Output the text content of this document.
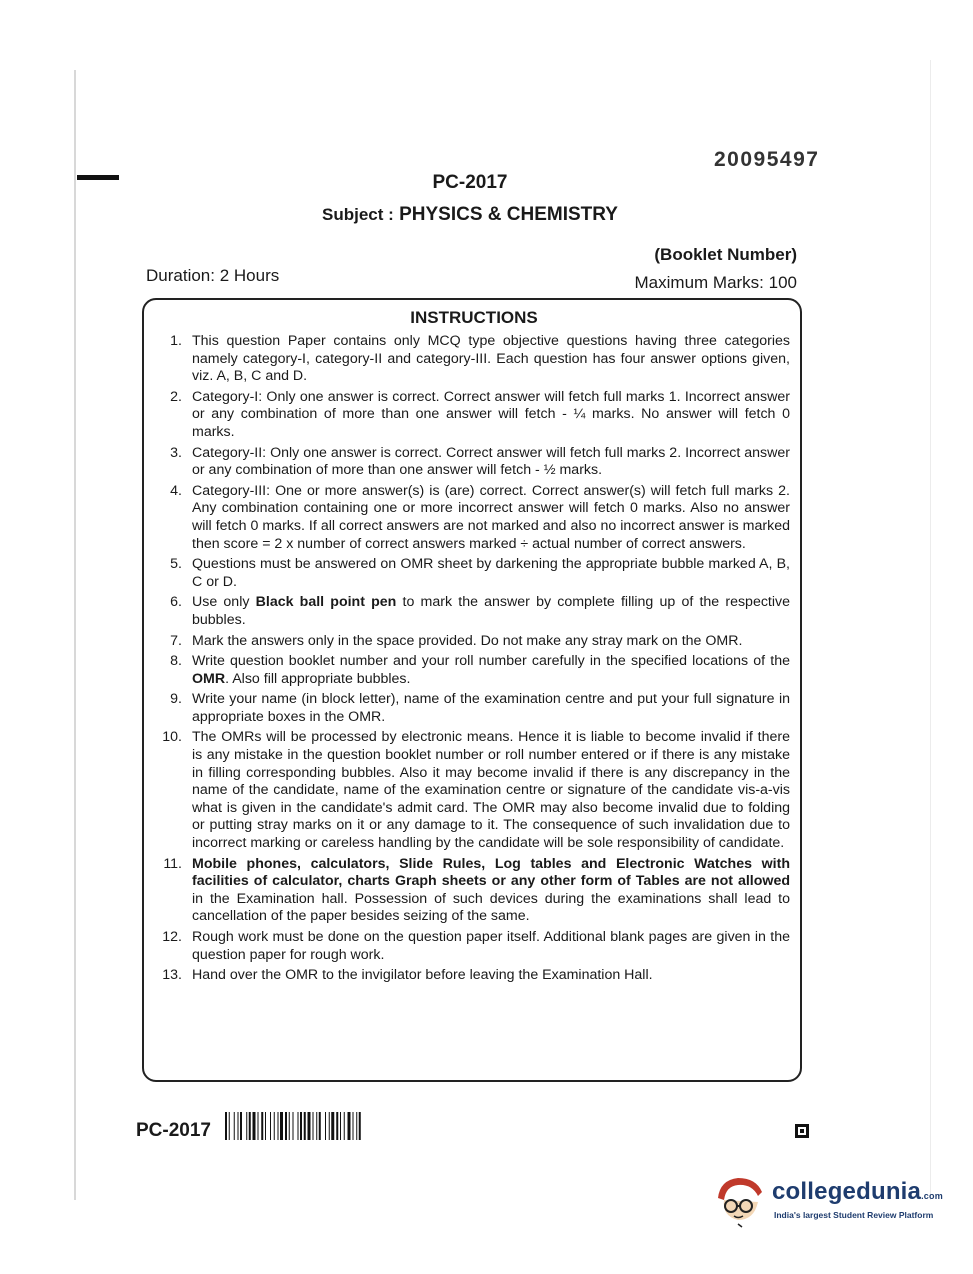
20095497
PC-2017
Subject : PHYSICS & CHEMISTRY
(Booklet Number)
Duration: 2 Hours	Maximum Marks: 100
INSTRUCTIONS
1. This question Paper contains only MCQ type objective questions having three categories namely category-I, category-II and category-III. Each question has four answer options given, viz. A, B, C and D.
2. Category-I: Only one answer is correct. Correct answer will fetch full marks 1. Incorrect answer or any combination of more than one answer will fetch - ¼ marks. No answer will fetch 0 marks.
3. Category-II: Only one answer is correct. Correct answer will fetch full marks 2. Incorrect answer or any combination of more than one answer will fetch - ½ marks.
4. Category-III: One or more answer(s) is (are) correct. Correct answer(s) will fetch full marks 2. Any combination containing one or more incorrect answer will fetch 0 marks. Also no answer will fetch 0 marks. If all correct answers are not marked and also no incorrect answer is marked then score = 2 x number of correct answers marked ÷ actual number of correct answers.
5. Questions must be answered on OMR sheet by darkening the appropriate bubble marked A, B, C or D.
6. Use only Black ball point pen to mark the answer by complete filling up of the respective bubbles.
7. Mark the answers only in the space provided. Do not make any stray mark on the OMR.
8. Write question booklet number and your roll number carefully in the specified locations of the OMR. Also fill appropriate bubbles.
9. Write your name (in block letter), name of the examination centre and put your full signature in appropriate boxes in the OMR.
10. The OMRs will be processed by electronic means. Hence it is liable to become invalid if there is any mistake in the question booklet number or roll number entered or if there is any mistake in filling corresponding bubbles. Also it may become invalid if there is any discrepancy in the name of the candidate, name of the examination centre or signature of the candidate vis-a-vis what is given in the candidate's admit card. The OMR may also become invalid due to folding or putting stray marks on it or any damage to it. The consequence of such invalidation due to incorrect marking or careless handling by the candidate will be sole responsibility of candidate.
11. Mobile phones, calculators, Slide Rules, Log tables and Electronic Watches with facilities of calculator, charts Graph sheets or any other form of Tables are not allowed in the Examination hall. Possession of such devices during the examinations shall lead to cancellation of the paper besides seizing of the same.
12. Rough work must be done on the question paper itself. Additional blank pages are given in the question paper for rough work.
13. Hand over the OMR to the invigilator before leaving the Examination Hall.
PC-2017
collegedunia.com
India's largest Student Review Platform
